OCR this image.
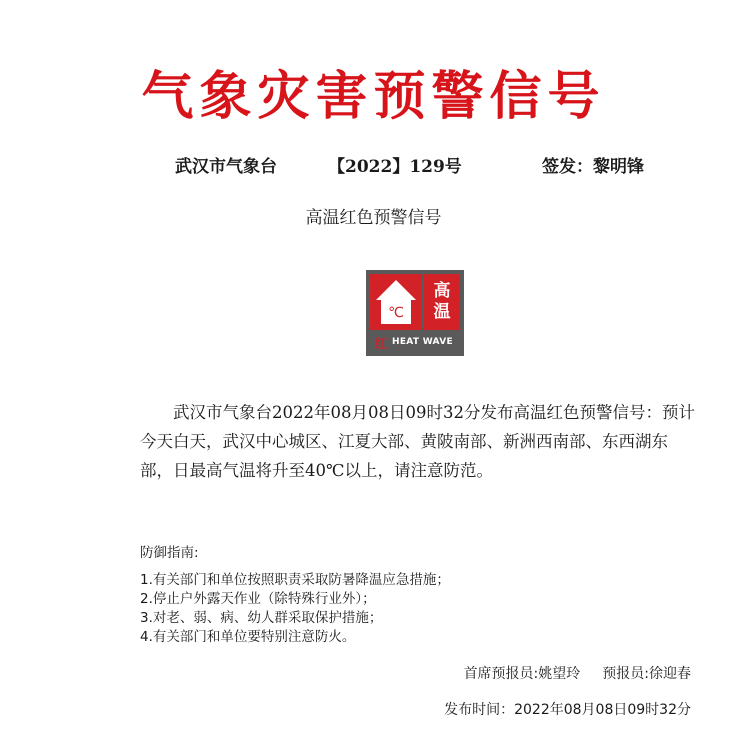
气象灾害预警信号
武汉市气象台	【2022】129号	签发：黎明锋
高温红色预警信号
℃
高
温
红 HEAT WAVE

武汉市气象台2022年08月08日09时32分发布高温红色预警信号：预计今天白天，武汉中心城区、江夏大部、黄陂南部、新洲西南部、东西湖东部，日最高气温将升至40℃以上，请注意防范。

防御指南:
1.有关部门和单位按照职责采取防暑降温应急措施；
2.停止户外露天作业（除特殊行业外）；
3.对老、弱、病、幼人群采取保护措施；
4.有关部门和单位要特别注意防火。
首席预报员:姚望玲 预报员:徐迎春
发布时间：2022年08月08日09时32分
